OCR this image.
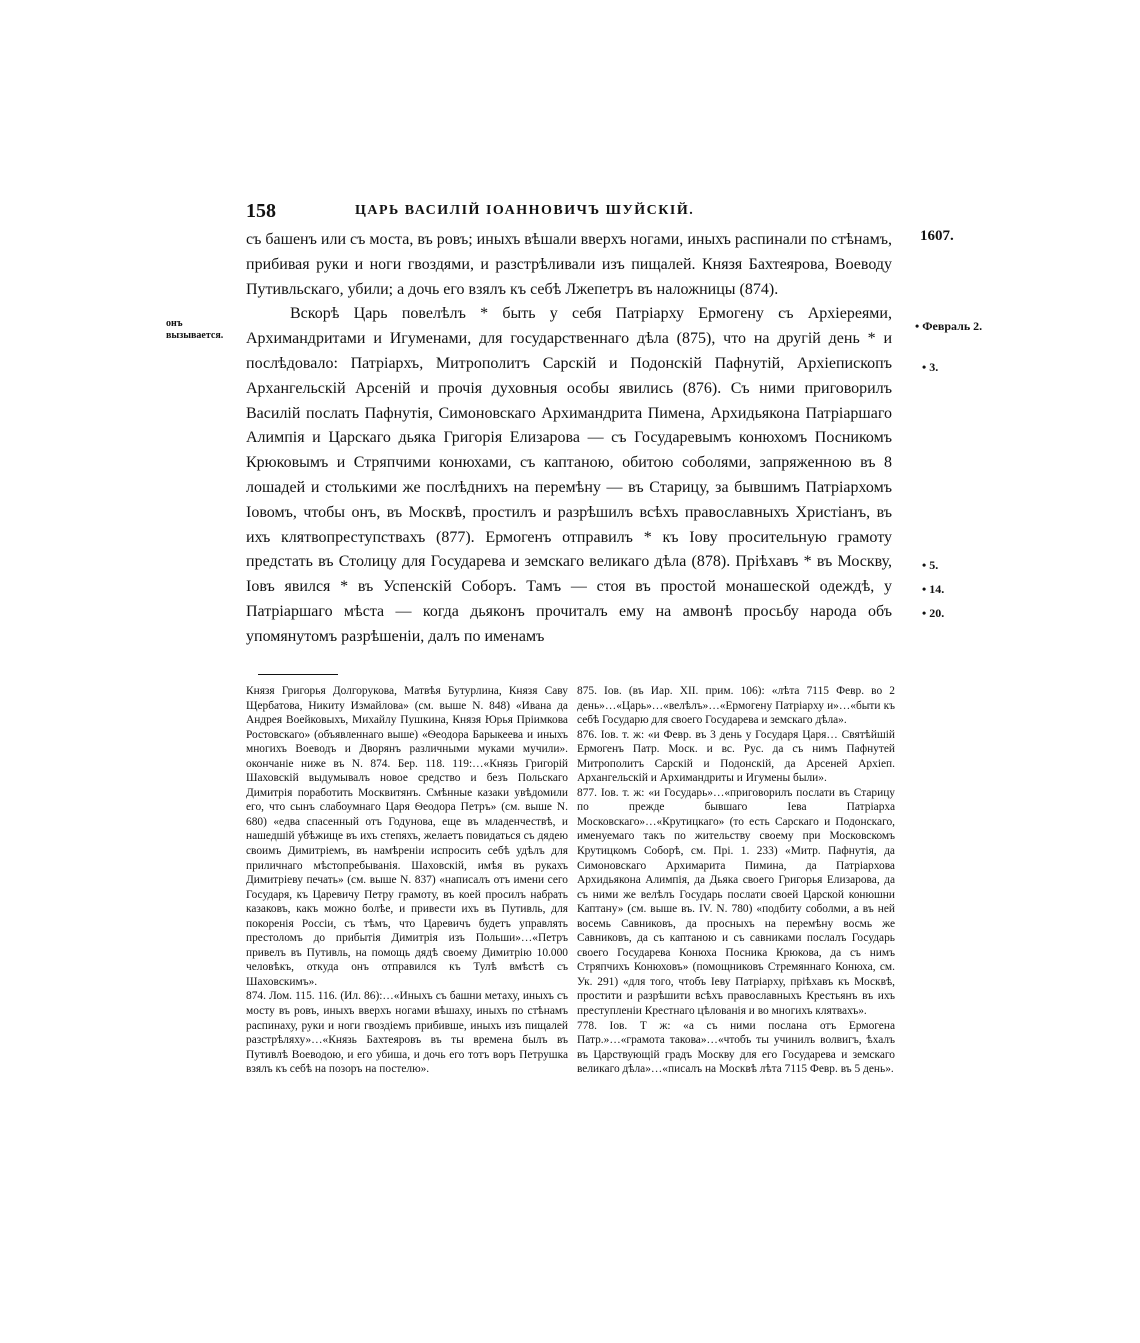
158	ЦАРЬ ВАСИЛІЙ ІОАННОВИЧЪ ШУЙСКІЙ.
1607.
онъ вызывается.
• Февраль 2.
• 3.
• 5.
• 14.
• 20.

съ башенъ или съ моста, въ ровъ; иныхъ вѣшали вверхъ ногами, иныхъ распинали по стѣнамъ, прибивая руки и ноги гвоздями, и разстрѣливали изъ пищалей. Князя Бахтеярова, Воеводу Путивльскаго, убили; а дочь его взялъ къ себѣ Лжепетръ въ наложницы (874).

Вскорѣ Царь повелѣлъ * быть у себя Патріарху Ермогену съ Архіереями, Архимандритами и Игуменами, для государственнаго дѣла (875), что на другій день * и послѣдовало: Патріархъ, Митрополитъ Сарскій и Подонскій Пафнутій, Архіепископъ Архангельскій Арсеній и прочія духовныя особы явились (876). Съ ними приговорилъ Василій послать Пафнутія, Симоновскаго Архимандрита Пимена, Архидьякона Патріаршаго Алимпія и Царскаго дьяка Григорія Елизарова — съ Государевымъ конюхомъ Посникомъ Крюковымъ и Стряпчими конюхами, съ каптаною, обитою соболями, запряженною въ 8 лошадей и столькими же послѣднихъ на перемѣну — въ Старицу, за бывшимъ Патріархомъ Іовомъ, чтобы онъ, въ Москвѣ, простилъ и разрѣшилъ всѣхъ православныхъ Христіанъ, въ ихъ клятвопреступствахъ (877). Ермогенъ отправилъ * къ Іову просительную грамоту предстать въ Столицу для Государева и земскаго великаго дѣла (878). Пріѣхавъ * въ Москву, Іовъ явился * въ Успенскій Соборъ. Тамъ — стоя въ простой монашеской одеждѣ, у Патріаршаго мѣста — когда дьяконъ прочиталъ ему на амвонѣ просьбу народа объ упомянутомъ разрѣшеніи, далъ по именамъ

Князя Григорья Долгорукова, Матвѣя Бутурлина, Князя Саву Щербатова, Никиту Измайлова» (см. выше N. 848) «Ивана да Андрея Воейковыхъ, Михайлу Пушкина, Князя Юрья Пріимкова Ростовскаго» (объявленнаго выше) «Ѳеодора Барыкеева и иныхъ многихъ Воеводъ и Дворянъ различными муками мучили». окончаніе ниже въ N. 874. Бер. 118. 119:…«Князь Григорій Шаховскій выдумывалъ новое средство и безъ Польскаго Димитрія поработить Москвитянъ. Смѣнные казаки увѣдомили его, что сынъ слабоумнаго Царя Ѳеодора Петръ» (см. выше N. 680) «едва спасенный отъ Годунова, еще въ младенчествѣ, и нашедшій убѣжище въ ихъ степяхъ, желаетъ повидаться съ дядею своимъ Димитріемъ, въ намѣреніи испросить себѣ удѣлъ для приличнаго мѣстопребыванія. Шаховскій, имѣя въ рукахъ Димитріеву печать» (см. выше N. 837) «написалъ отъ имени сего Государя, къ Царевичу Петру грамоту, въ коей просилъ набрать казаковъ, какъ можно болѣе, и привести ихъ въ Путивль, для покоренія Россіи, съ тѣмъ, что Царевичъ будетъ управлять престоломъ до прибытія Димитрія изъ Польши»…«Петръ привелъ въ Путивль, на помощь дядѣ своему Димитрію 10.000 человѣкъ, откуда онъ отправился къ Тулѣ вмѣстѣ съ Шаховскимъ».

874. Лом. 115. 116. (Ил. 86):…«Иныхъ съ башни метаху, иныхъ съ мосту въ ровъ, иныхъ вверхъ ногами вѣшаху, иныхъ по стѣнамъ распинаху, руки и ноги гвоздіемъ прибивше, иныхъ изъ пищалей разстрѣляху»…«Князь Бахтеяровъ въ ты времена былъ въ Путивлѣ Воеводою, и его убиша, и дочь его тотъ воръ Петрушка взялъ къ себѣ на позоръ на постелю».

875. Іов. (въ Иар. XII. прим. 106): «лѣта 7115 Февр. во 2 день»…«Царь»…«велѣлъ»…«Ермогену Патріарху и»…«быти къ себѣ Государю для своего Государева и земскаго дѣла».

876. Іов. т. ж: «и Февр. въ 3 день у Государя Царя… Святѣйшій Ермогенъ Патр. Моск. и вс. Рус. да съ нимъ Пафнутей Митрополитъ Сарскій и Подонскій, да Арсеней Архіеп. Архангельскій и Архимандриты и Игумены были».

877. Іов. т. ж: «и Государь»…«приговорилъ послати въ Старицу по прежде бывшаго Іева Патріарха Московскаго»…«Крутицкаго» (то есть Сарскаго и Подонскаго, именуемаго такъ по жительству своему при Московскомъ Крутицкомъ Соборѣ, см. Прі. 1. 233) «Митр. Пафнутія, да Симоновскаго Архимарита Пимина, да Патріархова Архидьякона Алимпія, да Дьяка своего Григорья Елизарова, да съ ними же велѣлъ Государь послати своей Царской конюшни Каптану» (см. выше въ. IV. N. 780) «подбиту соболми, а въ ней восемь Савниковъ, да просныхъ на перемѣну восмь же Савниковъ, да съ каптаною и съ савниками послалъ Государь своего Государева Конюха Посника Крюкова, да съ нимъ Стряпчихъ Конюховъ» (помощниковъ Стремяннаго Конюха, см. Ук. 291) «для того, чтобъ Іеву Патріарху, пріѣхавъ къ Москвѣ, простити и разрѣшити всѣхъ православныхъ Крестьянъ въ ихъ преступленіи Крестнаго цѣлованія и во многихъ клятвахъ».

778. Іов. Т ж: «а съ ними послана отъ Ермогена Патр.»…«грамота такова»…«чтобъ ты учинилъ волвигъ, ѣхалъ въ Царствующій градъ Москву для его Государева и земскаго великаго дѣла»…«писалъ на Москвѣ лѣта 7115 Февр. въ 5 день».
